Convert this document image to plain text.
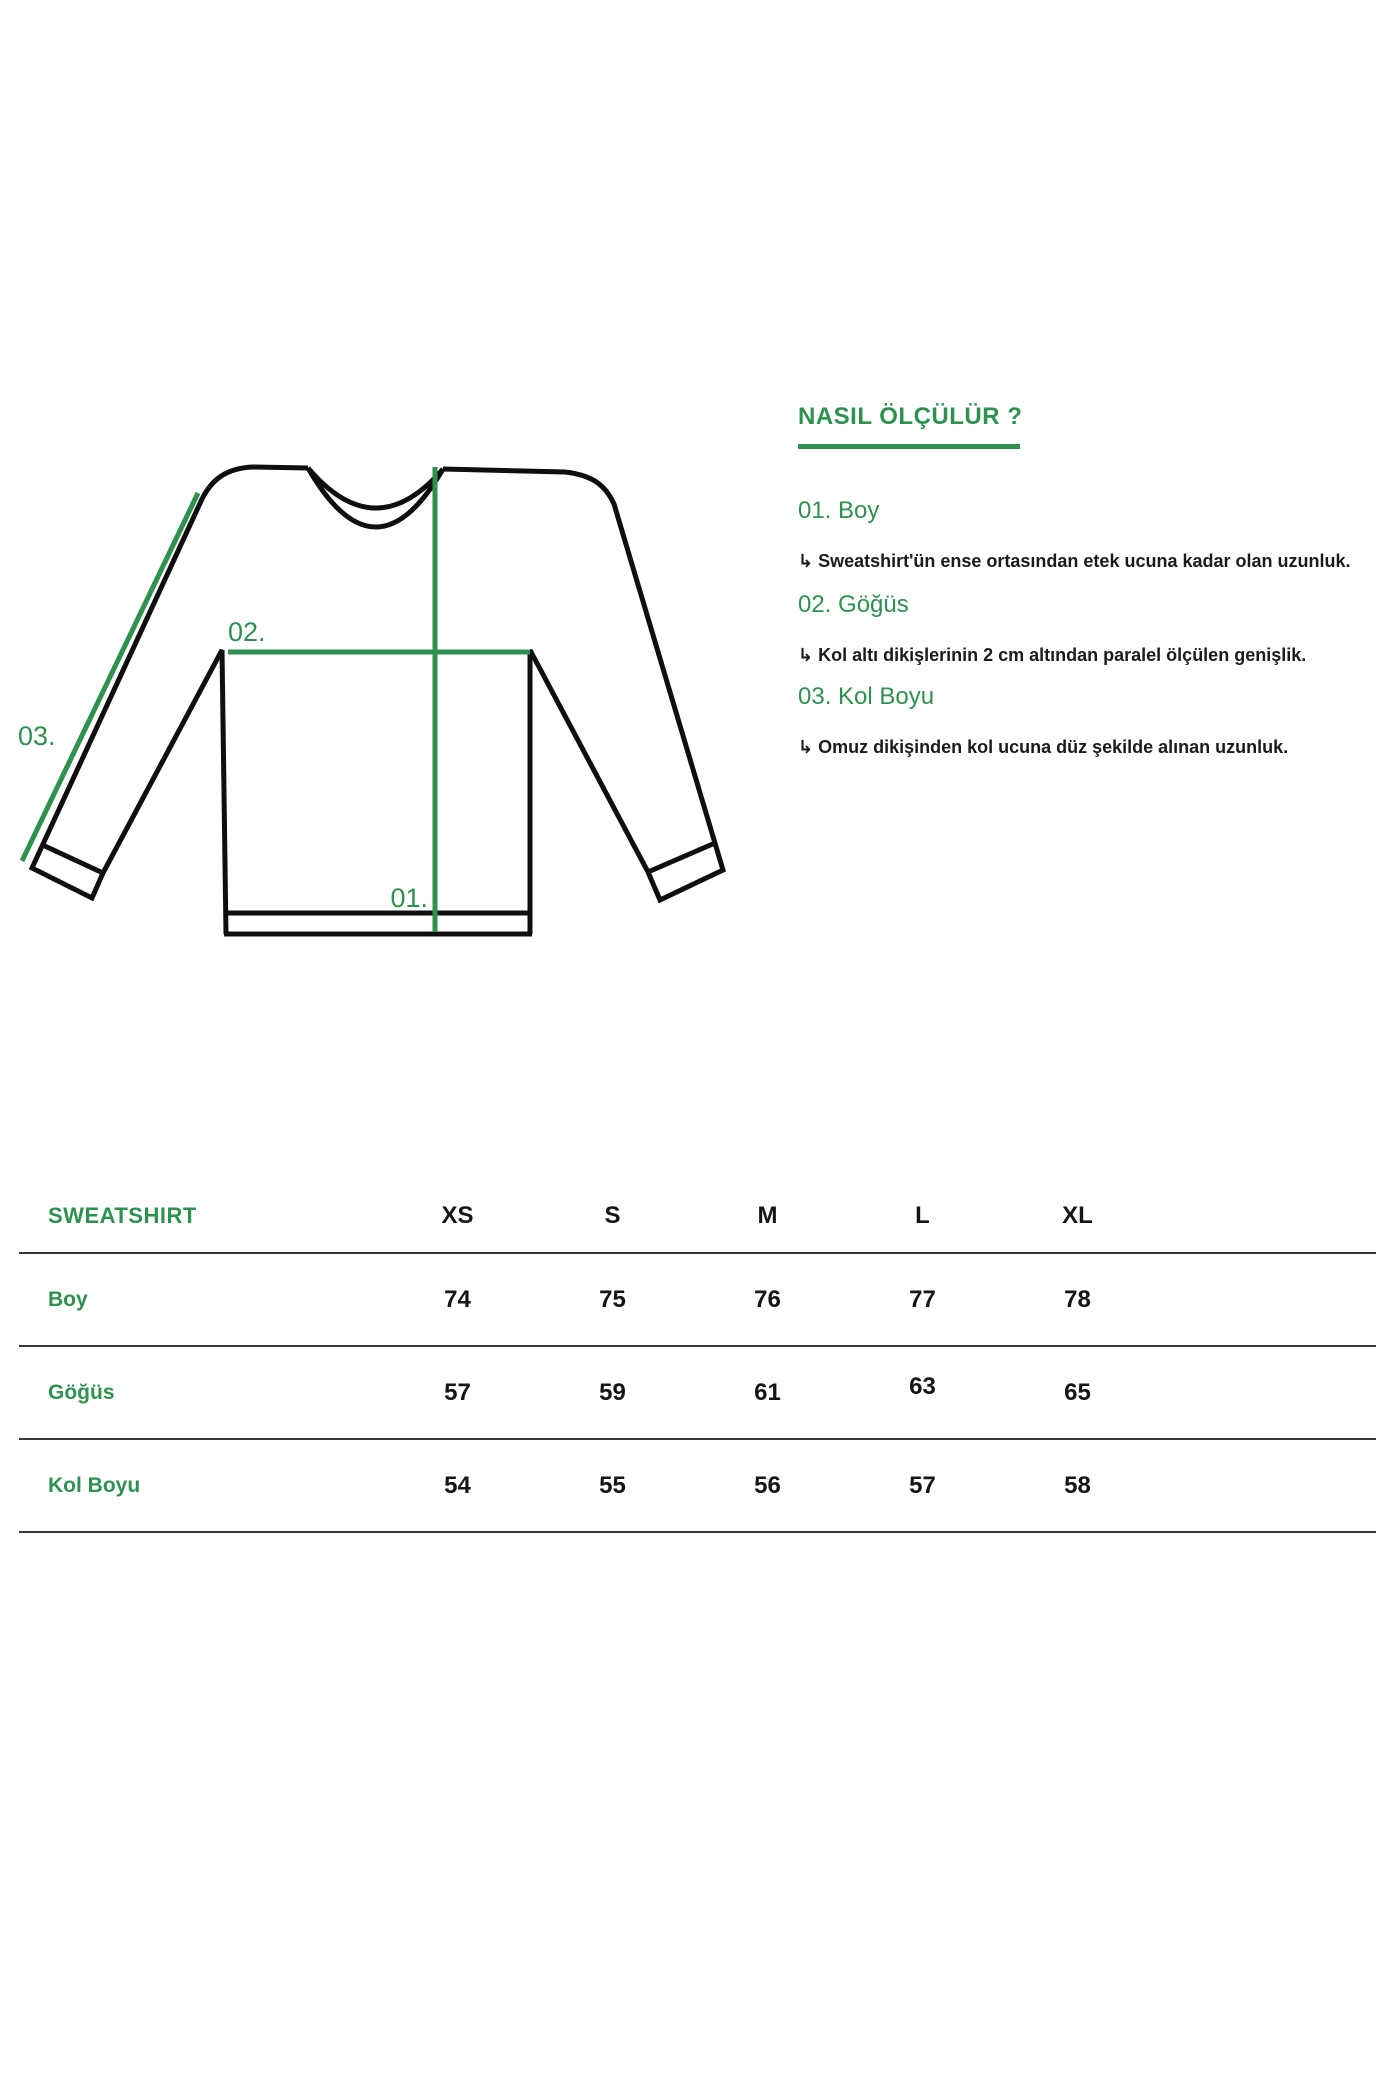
01.
02.
03.
NASIL ÖLÇÜLÜR ?
01. Boy
↳ Sweatshirt'ün ense ortasından etek ucuna kadar olan uzunluk.
02. Göğüs
↳ Kol altı dikişlerinin 2 cm altından paralel ölçülen genişlik.
03. Kol Boyu
↳ Omuz dikişinden kol ucuna düz şekilde alınan uzunluk.
SWEATSHIRT	XS	S	M	L	XL
Boy	74	75	76	77	78
Göğüs	57	59	61	63	65
Kol Boyu	54	55	56	57	58
